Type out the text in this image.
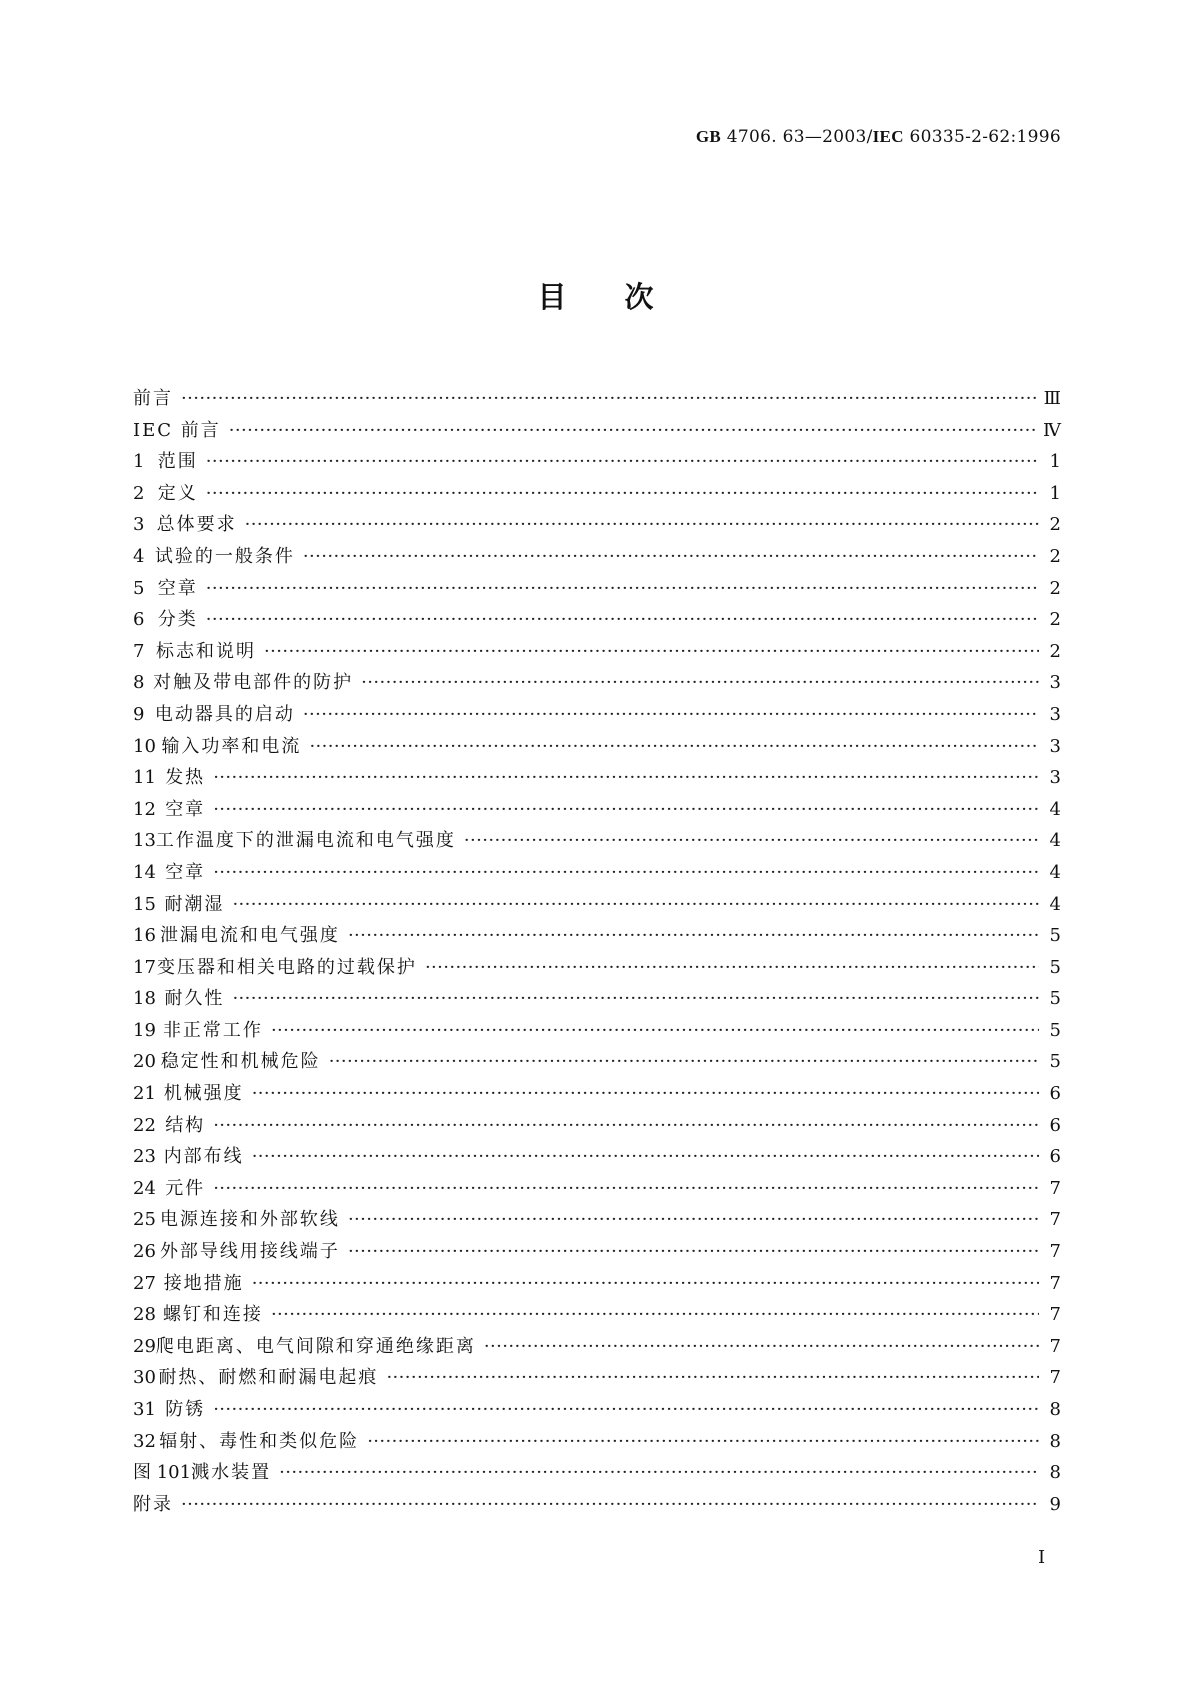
GB 4706. 63—2003/IEC 60335-2-62:1996
目次
前言 ·····	Ⅲ
IEC 前言 ·····	Ⅳ
1 范围 ·····	1
2 定义 ·····	1
3 总体要求 ·····	2
4 试验的一般条件 ·····	2
5 空章 ·····	2
6 分类 ·····	2
7 标志和说明 ·····	2
8 对触及带电部件的防护 ·····	3
9 电动器具的启动 ·····	3
10 输入功率和电流 ·····	3
11 发热 ·····	3
12 空章 ·····	4
13 工作温度下的泄漏电流和电气强度 ·····	4
14 空章 ·····	4
15 耐潮湿 ·····	4
16 泄漏电流和电气强度 ·····	5
17 变压器和相关电路的过载保护 ·····	5
18 耐久性 ·····	5
19 非正常工作 ·····	5
20 稳定性和机械危险 ·····	5
21 机械强度 ·····	6
22 结构 ·····	6
23 内部布线 ·····	6
24 元件 ·····	7
25 电源连接和外部软线 ·····	7
26 外部导线用接线端子 ·····	7
27 接地措施 ·····	7
28 螺钉和连接 ·····	7
29 爬电距离、电气间隙和穿通绝缘距离 ·····	7
30 耐热、耐燃和耐漏电起痕 ·····	7
31 防锈 ·····	8
32 辐射、毒性和类似危险 ·····	8
图 101 溅水装置 ·····	8
附录 ·····	9
Ⅰ
